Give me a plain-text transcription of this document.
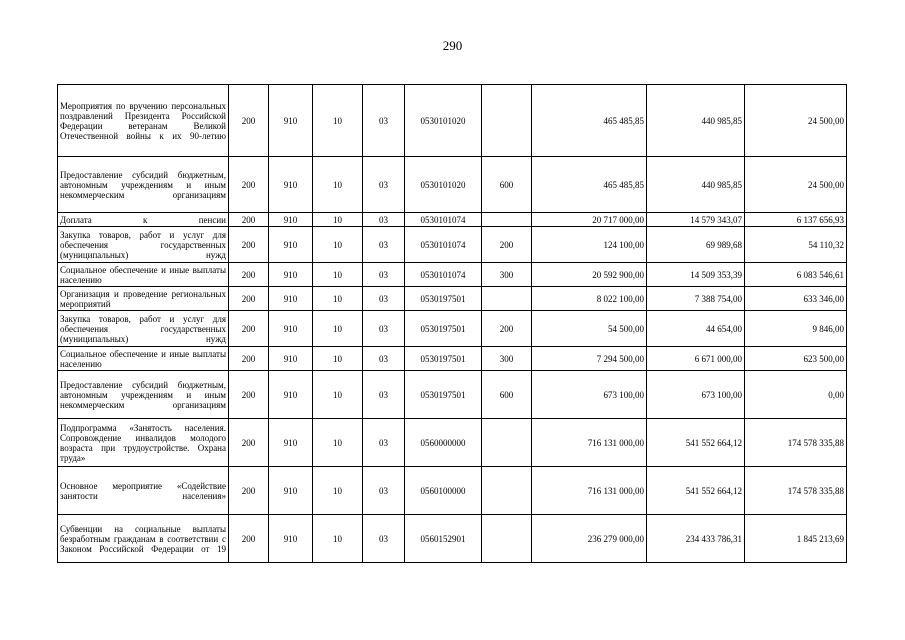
290
Мероприятия по вручению персональных поздравлений Президента Российской Федерации ветеранам Великой Отечественной войны к их 90-летию	200	910	10	03	0530101020		465 485,85	440 985,85	24 500,00
Предоставление субсидий бюджетным, автономным учреждениям и иным некоммерческим организациям	200	910	10	03	0530101020	600	465 485,85	440 985,85	24 500,00
Доплата к пенсии	200	910	10	03	0530101074		20 717 000,00	14 579 343,07	6 137 656,93
Закупка товаров, работ и услуг для обеспечения государственных (муниципальных) нужд	200	910	10	03	0530101074	200	124 100,00	69 989,68	54 110,32
Социальное обеспечение и иные выплаты населению	200	910	10	03	0530101074	300	20 592 900,00	14 509 353,39	6 083 546,61
Организация и проведение региональных мероприятий	200	910	10	03	0530197501		8 022 100,00	7 388 754,00	633 346,00
Закупка товаров, работ и услуг для обеспечения государственных (муниципальных) нужд	200	910	10	03	0530197501	200	54 500,00	44 654,00	9 846,00
Социальное обеспечение и иные выплаты населению	200	910	10	03	0530197501	300	7 294 500,00	6 671 000,00	623 500,00
Предоставление субсидий бюджетным, автономным учреждениям и иным некоммерческим организациям	200	910	10	03	0530197501	600	673 100,00	673 100,00	0,00
Подпрограмма «Занятость населения. Сопровождение инвалидов молодого возраста при трудоустройстве. Охрана труда»	200	910	10	03	0560000000		716 131 000,00	541 552 664,12	174 578 335,88
Основное мероприятие «Содействие занятости населения»	200	910	10	03	0560100000		716 131 000,00	541 552 664,12	174 578 335,88
Субвенции на социальные выплаты безработным гражданам в соответствии с Законом Российской Федерации от 19	200	910	10	03	0560152901		236 279 000,00	234 433 786,31	1 845 213,69
